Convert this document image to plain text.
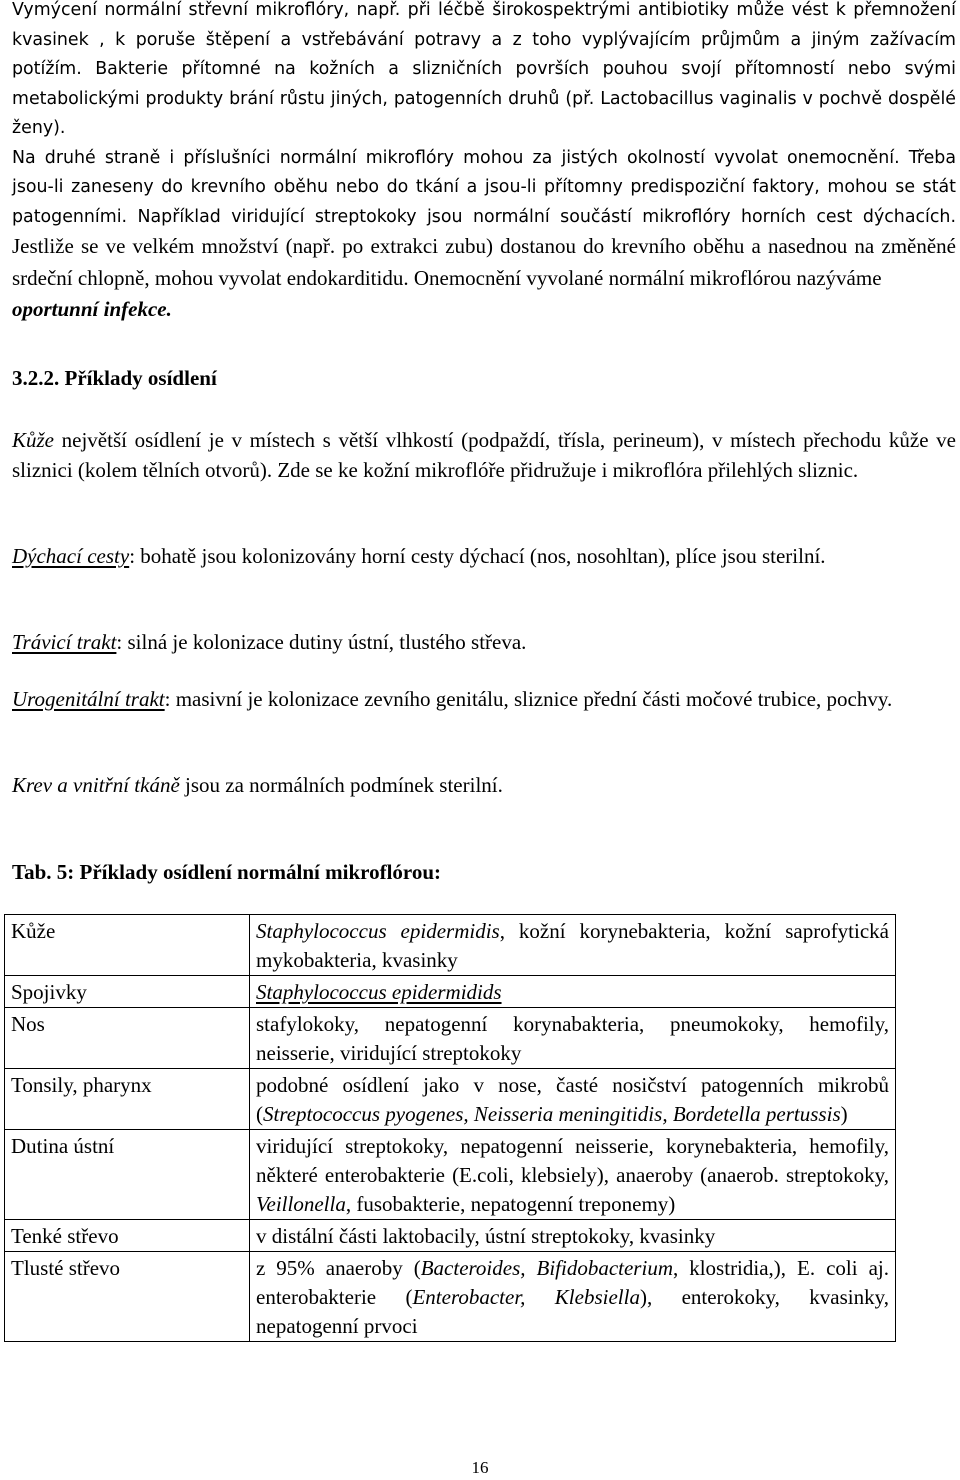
Vymýcení normální střevní mikroflóry, např. při léčbě širokospektrými antibiotiky může vést k přemnožení kvasinek , k poruše štěpení a vstřebávání potravy a z toho vyplývajícím průjmům a jiným zažívacím potížím. Bakterie přítomné na kožních a slizničních površích pouhou svojí přítomností nebo svými metabolickými produkty brání růstu jiných, patogenních druhů (př. Lactobacillus vaginalis v pochvě dospělé ženy).
Na druhé straně i příslušníci normální mikroflóry mohou za jistých okolností vyvolat onemocnění. Třeba jsou-li zaneseny do krevního oběhu nebo do tkání a jsou-li přítomny predispoziční faktory, mohou se stát patogenními. Například viridující streptokoky jsou normální součástí mikroflóry horních cest dýchacích. Jestliže se ve velkém množství (např. po extrakci zubu) dostanou do krevního oběhu a nasednou na změněné srdeční chlopně, mohou vyvolat endokarditidu. Onemocnění vyvolané normální mikroflórou nazýváme
oportunní infekce.

3.2.2. Příklady osídlení

Kůže největší osídlení je v místech s větší vlhkostí (podpaždí, třísla, perineum), v místech přechodu kůže ve sliznici (kolem tělních otvorů). Zde se ke kožní mikroflóře přidružuje i mikroflóra přilehlých sliznic.

Dýchací cesty: bohatě jsou kolonizovány horní cesty dýchací (nos, nosohltan), plíce jsou sterilní.

Trávicí trakt: silná je kolonizace dutiny ústní, tlustého střeva.

Urogenitální trakt: masivní je kolonizace zevního genitálu, sliznice přední části močové trubice, pochvy.

Krev a vnitřní tkáně jsou za normálních podmínek sterilní.

Tab. 5: Příklady osídlení normální mikroflórou:

Kůže	Staphylococcus epidermidis, kožní korynebakteria, kožní saprofytická mykobakteria, kvasinky
Spojivky	Staphylococcus epidermidids
Nos	stafylokoky, nepatogenní korynabakteria, pneumokoky, hemofily, neisserie, viridující streptokoky
Tonsily, pharynx	podobné osídlení jako v nose, časté nosičství patogenních mikrobů (Streptococcus pyogenes, Neisseria meningitidis, Bordetella pertussis)
Dutina ústní	viridující streptokoky, nepatogenní neisserie, korynebakteria, hemofily, některé enterobakterie (E.coli, klebsiely), anaeroby (anaerob. streptokoky, Veillonella, fusobakterie, nepatogenní treponemy)
Tenké střevo	v distální části laktobacily, ústní streptokoky, kvasinky
Tlusté střevo	z 95% anaeroby (Bacteroides, Bifidobacterium, klostridia,), E. coli aj. enterobakterie (Enterobacter, Klebsiella), enterokoky, kvasinky, nepatogenní prvoci
16
